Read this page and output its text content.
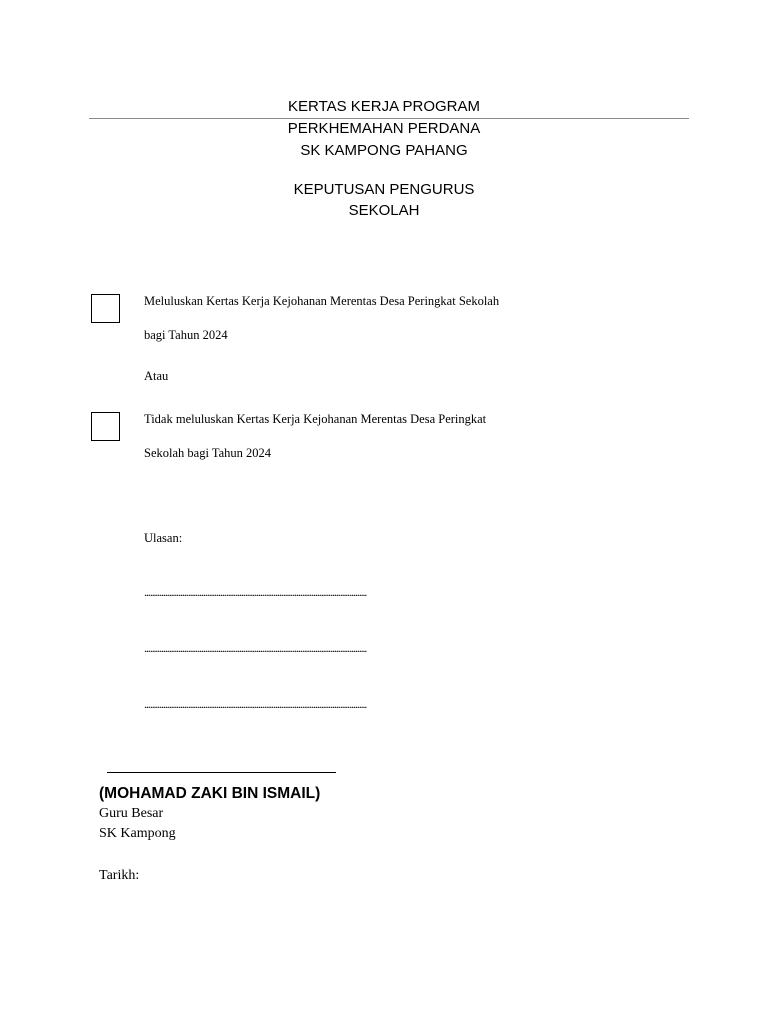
KERTAS KERJA PROGRAM
PERKHEMAHAN PERDANA
SK KAMPONG PAHANG
KEPUTUSAN PENGURUS
SEKOLAH
Meluluskan Kertas Kerja Kejohanan Merentas Desa Peringkat Sekolah
bagi Tahun 2024
Atau
Tidak meluluskan Kertas Kerja Kejohanan Merentas Desa Peringkat
Sekolah bagi Tahun 2024
Ulasan:
.....................................................................................................................
.....................................................................................................................
.....................................................................................................................
(MOHAMAD ZAKI BIN ISMAIL)
Guru Besar
SK Kampong
Tarikh:
